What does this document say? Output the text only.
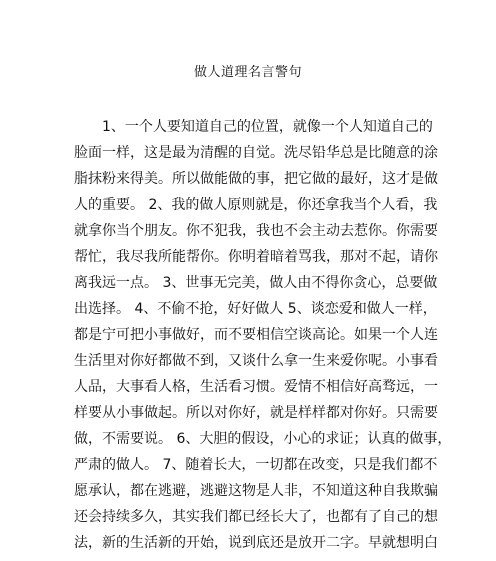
做人道理名言警句
1、一个人要知道自己的位置，就像一个人知道自己的
脸面一样，这是最为清醒的自觉。洗尽铅华总是比随意的涂
脂抹粉来得美。所以做能做的事，把它做的最好，这才是做
人的重要。 2、我的做人原则就是，你还拿我当个人看，我
就拿你当个朋友。你不犯我，我也不会主动去惹你。你需要
帮忙，我尽我所能帮你。你明着暗着骂我，那对不起，请你
离我远一点。 3、世事无完美，做人由不得你贪心，总要做
出选择。 4、不偷不抢，好好做人 5、谈恋爱和做人一样，
都是宁可把小事做好，而不要相信空谈高论。如果一个人连
生活里对你好都做不到，又谈什么拿一生来爱你呢。小事看
人品，大事看人格，生活看习惯。爱情不相信好高骛远，一
样要从小事做起。所以对你好，就是样样都对你好。只需要
做，不需要说。 6、大胆的假设，小心的求证；认真的做事，
严肃的做人。 7、随着长大，一切都在改变，只是我们都不
愿承认，都在逃避，逃避这物是人非，不知道这种自我欺骗
还会持续多久，其实我们都已经长大了，也都有了自己的想
法，新的生活新的开始，说到底还是放开二字。早就想明白
